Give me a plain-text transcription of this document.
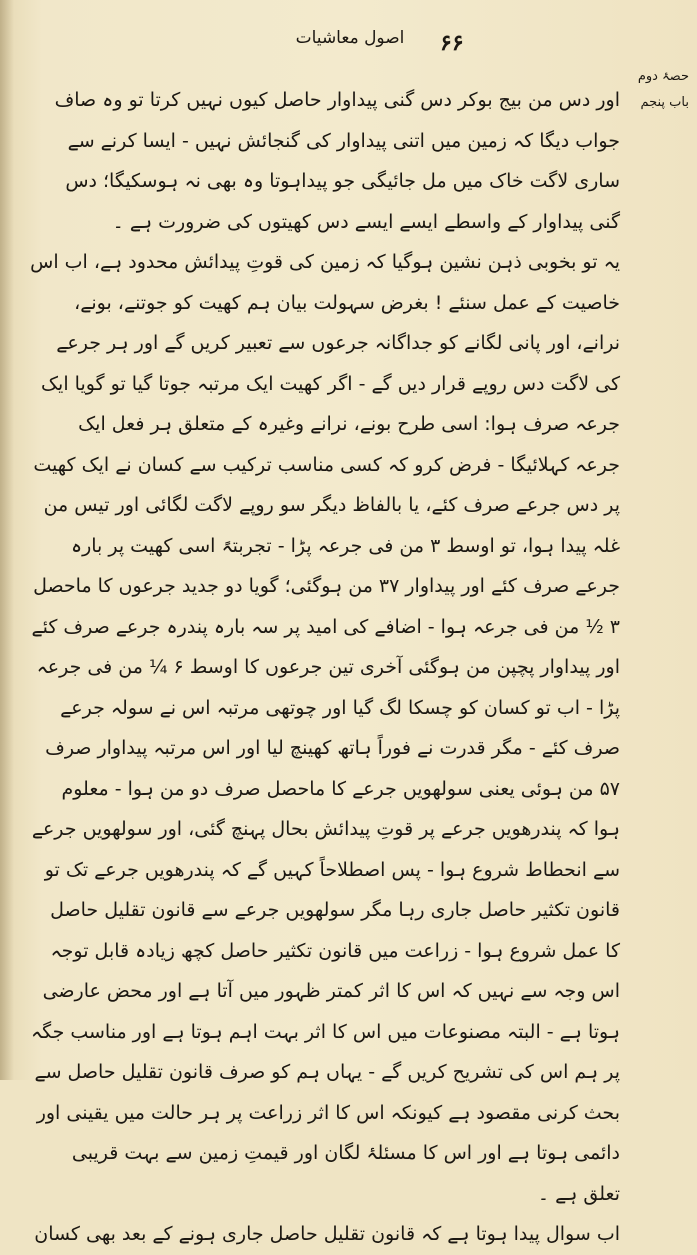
اصول معاشیات	۶۶
حصۂ دوم
باب پنجم

اور دس من بیج بوکر دس گنی پیداوار حاصل کیوں نہیں کرتا تو وہ صاف جواب دیگا کہ زمین میں اتنی پیداوار کی گنجائش نہیں - ایسا کرنے سے ساری لاگت خاک میں مل جائیگی جو پیداہوتا وہ بھی نہ ہوسکیگا؛ دس گنی پیداوار کے واسطے ایسے ایسے دس کھیتوں کی ضرورت ہے ۔

یہ تو بخوبی ذہن نشین ہوگیا کہ زمین کی قوتِ پیدائش محدود ہے، اب اس خاصیت کے عمل سنئے ! بغرض سہولت بیان ہم کھیت کو جوتنے، بونے، نرانے، اور پانی لگانے کو جداگانہ جرعوں سے تعبیر کریں گے اور ہر جرعے کی لاگت دس روپے قرار دیں گے - اگر کھیت ایک مرتبہ جوتا گیا تو گویا ایک جرعہ صرف ہوا: اسی طرح بونے، نرانے وغیرہ کے متعلق ہر فعل ایک جرعہ کہلائیگا - فرض کرو کہ کسی مناسب ترکیب سے کسان نے ایک کھیت پر دس جرعے صرف کئے، یا بالفاظ دیگر سو روپے لاگت لگائی اور تیس من غلہ پیدا ہوا، تو اوسط ۳ من فی جرعہ پڑا - تجربتہً اسی کھیت پر بارہ جرعے صرف کئے اور پیداوار ۳۷ من ہوگئی؛ گویا دو جدید جرعوں کا ماحصل ۳ ½ من فی جرعہ ہوا - اضافے کی امید پر سہ بارہ پندرہ جرعے صرف کئے اور پیداوار پچپن من ہوگئی آخری تین جرعوں کا اوسط ۶ ¼ من فی جرعہ پڑا - اب تو کسان کو چسکا لگ گیا اور چوتھی مرتبہ اس نے سولہ جرعے صرف کئے - مگر قدرت نے فوراً ہاتھ کھینچ لیا اور اس مرتبہ پیداوار صرف ۵۷ من ہوئی یعنی سولھویں جرعے کا ماحصل صرف دو من ہوا - معلوم ہوا کہ پندرھویں جرعے پر قوتِ پیدائش بحال پہنچ گئی، اور سولھویں جرعے سے انحطاط شروع ہوا - پس اصطلاحاً کہیں گے کہ پندرھویں جرعے تک تو قانون تکثیر حاصل جاری رہا مگر سولھویں جرعے سے قانون تقلیل حاصل کا عمل شروع ہوا - زراعت میں قانون تکثیر حاصل کچھ زیادہ قابل توجہ اس وجہ سے نہیں کہ اس کا اثر کمتر ظہور میں آتا ہے اور محض عارضی ہوتا ہے - البتہ مصنوعات میں اس کا اثر بہت اہم ہوتا ہے اور مناسب جگہ پر ہم اس کی تشریح کریں گے - یہاں ہم کو صرف قانون تقلیل حاصل سے بحث کرنی مقصود ہے کیونکہ اس کا اثر زراعت پر ہر حالت میں یقینی اور دائمی ہوتا ہے اور اس کا مسئلۂ لگان اور قیمتِ زمین سے بہت قریبی تعلق ہے ۔

اب سوال پیدا ہوتا ہے کہ قانون تقلیل حاصل جاری ہونے کے بعد بھی کسان
